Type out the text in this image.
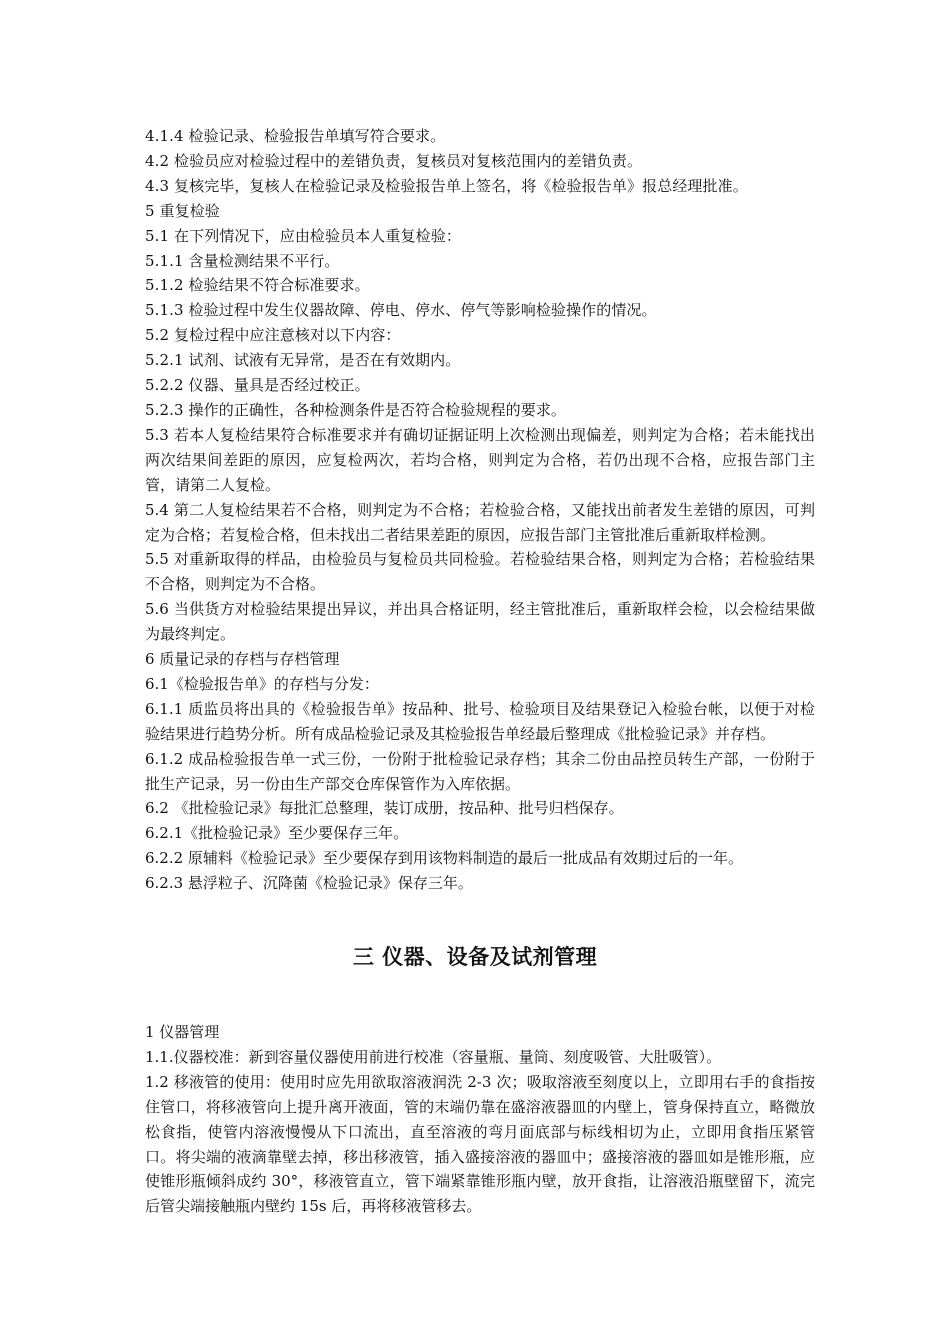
4.1.4 检验记录、检验报告单填写符合要求。

4.2 检验员应对检验过程中的差错负责，复核员对复核范围内的差错负责。

4.3 复核完毕，复核人在检验记录及检验报告单上签名，将《检验报告单》报总经理批准。

5 重复检验

5.1 在下列情况下，应由检验员本人重复检验：

5.1.1 含量检测结果不平行。

5.1.2 检验结果不符合标准要求。

5.1.3 检验过程中发生仪器故障、停电、停水、停气等影响检验操作的情况。

5.2 复检过程中应注意核对以下内容：

5.2.1 试剂、试液有无异常，是否在有效期内。

5.2.2 仪器、量具是否经过校正。

5.2.3 操作的正确性，各种检测条件是否符合检验规程的要求。

5.3 若本人复检结果符合标准要求并有确切证据证明上次检测出现偏差，则判定为合格；若未能找出两次结果间差距的原因，应复检两次，若均合格，则判定为合格，若仍出现不合格，应报告部门主管，请第二人复检。

5.4 第二人复检结果若不合格，则判定为不合格；若检验合格，又能找出前者发生差错的原因，可判定为合格；若复检合格，但未找出二者结果差距的原因，应报告部门主管批准后重新取样检测。

5.5 对重新取得的样品，由检验员与复检员共同检验。若检验结果合格，则判定为合格；若检验结果不合格，则判定为不合格。

5.6 当供货方对检验结果提出异议，并出具合格证明，经主管批准后，重新取样会检，以会检结果做为最终判定。

6 质量记录的存档与存档管理

6.1《检验报告单》的存档与分发：

6.1.1 质监员将出具的《检验报告单》按品种、批号、检验项目及结果登记入检验台帐，以便于对检验结果进行趋势分析。所有成品检验记录及其检验报告单经最后整理成《批检验记录》并存档。

6.1.2 成品检验报告单一式三份，一份附于批检验记录存档；其余二份由品控员转生产部，一份附于批生产记录，另一份由生产部交仓库保管作为入库依据。

6.2 《批检验记录》每批汇总整理，装订成册，按品种、批号归档保存。

6.2.1《批检验记录》至少要保存三年。

6.2.2 原辅料《检验记录》至少要保存到用该物料制造的最后一批成品有效期过后的一年。

6.2.3 悬浮粒子、沉降菌《检验记录》保存三年。

三 仪器、设备及试剂管理

1 仪器管理

1.1.仪器校准：新到容量仪器使用前进行校准（容量瓶、量筒、刻度吸管、大肚吸管）。

1.2 移液管的使用：使用时应先用欲取溶液润洗 2-3 次；吸取溶液至刻度以上，立即用右手的食指按住管口，将移液管向上提升离开液面，管的末端仍靠在盛溶液器皿的内壁上，管身保持直立，略微放松食指，使管内溶液慢慢从下口流出，直至溶液的弯月面底部与标线相切为止，立即用食指压紧管口。将尖端的液滴靠壁去掉，移出移液管，插入盛接溶液的器皿中；盛接溶液的器皿如是锥形瓶，应使锥形瓶倾斜成约 30°，移液管直立，管下端紧靠锥形瓶内壁，放开食指，让溶液沿瓶壁留下，流完后管尖端接触瓶内壁约 15s 后，再将移液管移去。
